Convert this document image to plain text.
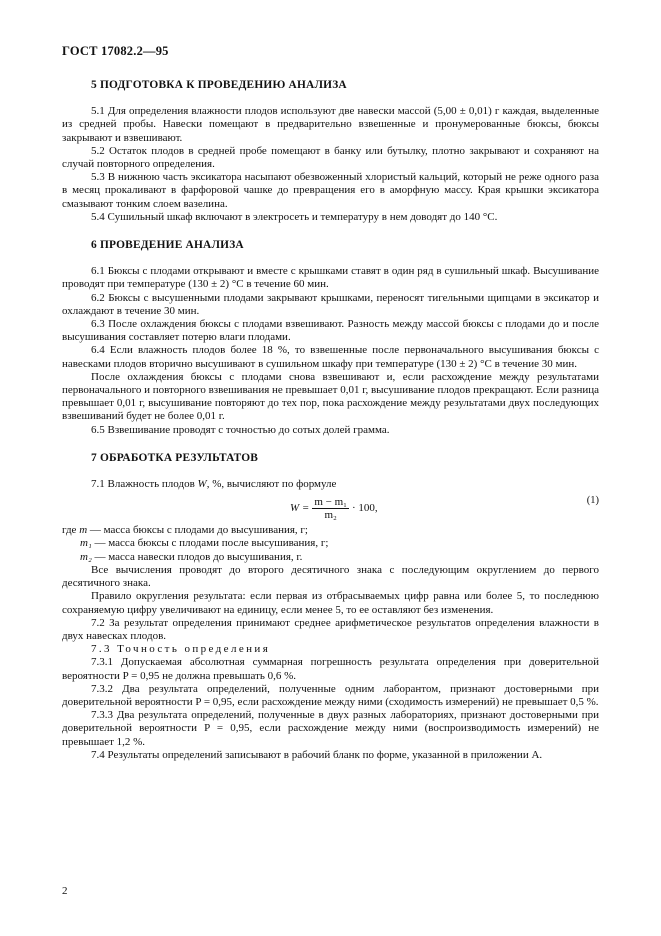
ГОСТ 17082.2—95
5 ПОДГОТОВКА К ПРОВЕДЕНИЮ АНАЛИЗА

5.1 Для определения влажности плодов используют две навески массой (5,00 ± 0,01) г каждая, выделенные из средней пробы. Навески помещают в предварительно взвешенные и пронумерованные бюксы, бюксы закрывают и взвешивают.

5.2 Остаток плодов в средней пробе помещают в банку или бутылку, плотно закрывают и сохраняют на случай повторного определения.

5.3 В нижнюю часть эксикатора насыпают обезвоженный хлористый кальций, который не реже одного раза в месяц прокаливают в фарфоровой чашке до превращения его в аморфную массу. Края крышки эксикатора смазывают тонким слоем вазелина.

5.4 Сушильный шкаф включают в электросеть и температуру в нем доводят до 140 °С.

6 ПРОВЕДЕНИЕ АНАЛИЗА

6.1 Бюксы с плодами открывают и вместе с крышками ставят в один ряд в сушильный шкаф. Высушивание проводят при температуре (130 ± 2) °С в течение 60 мин.

6.2 Бюксы с высушенными плодами закрывают крышками, переносят тигельными щипцами в эксикатор и охлаждают в течение 30 мин.

6.3 После охлаждения бюксы с плодами взвешивают. Разность между массой бюксы с плодами до и после высушивания составляет потерю влаги плодами.

6.4 Если влажность плодов более 18 %, то взвешенные после первоначального высушивания бюксы с навесками плодов вторично высушивают в сушильном шкафу при температуре (130 ± 2) °С в течение 30 мин.

После охлаждения бюксы с плодами снова взвешивают и, если расхождение между результатами первоначального и повторного взвешивания не превышает 0,01 г, высушивание плодов прекращают. Если разница превышает 0,01 г, высушивание повторяют до тех пор, пока расхождение между результатами двух последующих взвешиваний будет не более 0,01 г.

6.5 Взвешивание проводят с точностью до сотых долей грамма.

7 ОБРАБОТКА РЕЗУЛЬТАТОВ

7.1 Влажность плодов W, %, вычисляют по формуле

$W = \frac{\text{m − m₁}}{\text{m₂}} \cdot 100$,
(1)

где m — масса бюксы с плодами до высушивания, г;

m₁ — масса бюксы с плодами после высушивания, г;

m₂ — масса навески плодов до высушивания, г.

Все вычисления проводят до второго десятичного знака с последующим округлением до первого десятичного знака.

Правило округления результата: если первая из отбрасываемых цифр равна или более 5, то последнюю сохраняемую цифру увеличивают на единицу, если менее 5, то ее оставляют без изменения.

7.2 За результат определения принимают среднее арифметическое результатов определения влажности в двух навесках плодов.

7.3 Точность определения

7.3.1 Допускаемая абсолютная суммарная погрешность результата определения при доверительной вероятности P = 0,95 не должна превышать 0,6 %.

7.3.2 Два результата определений, полученные одним лаборантом, признают достоверными при доверительной вероятности P = 0,95, если расхождение между ними (сходимость измерений) не превышает 0,5 %.

7.3.3 Два результата определений, полученные в двух разных лабораториях, признают достоверными при доверительной вероятности P = 0,95, если расхождение между ними (воспроизводимость измерений) не превышает 1,2 %.

7.4 Результаты определений записывают в рабочий бланк по форме, указанной в приложении А.

2
